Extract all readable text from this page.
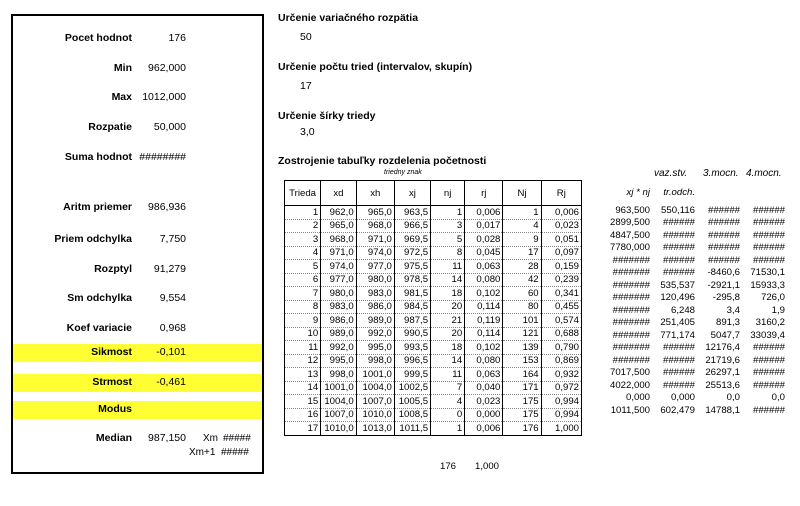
Pocet hodnot	176
Min 962,000
Max 1012,000
Rozpatie 50,000
Suma hodnot ########
Aritm priemer 986,936
Priem odchylka	7,750
Rozptyl 91,279
Sm odchylka	9,554
Koef variacie	0,968
Sikmost -0,101
Strmost -0,461
Modus
Median 987,150 Xm #####
Xm+1 #####
Určenie variačného rozpätia
50
Určenie počtu tried (intervalov, skupín)
17
Určenie šírky triedy
3,0
Zostrojenie tabuľky rozdelenia početnosti
triedny znak
Trieda	xd	xh	xj	nj	rj	Nj	Rj
1	962,0	965,0	963,5	1	0,006	1	0,006
2	965,0	968,0	966,5	3	0,017	4	0,023
3	968,0	971,0	969,5	5	0,028	9	0,051
4	971,0	974,0	972,5	8	0,045	17	0,097
5	974,0	977,0	975,5	11	0,063	28	0,159
6	977,0	980,0	978,5	14	0,080	42	0,239
7	980,0	983,0	981,5	18	0,102	60	0,341
8	983,0	986,0	984,5	20	0,114	80	0,455
9	986,0	989,0	987,5	21	0,119	101	0,574
10	989,0	992,0	990,5	20	0,114	121	0,688
11	992,0	995,0	993,5	18	0,102	139	0,790
12	995,0	998,0	996,5	14	0,080	153	0,869
13	998,0	1001,0	999,5	11	0,063	164	0,932
14	1001,0	1004,0	1002,5	7	0,040	171	0,972
15	1004,0	1007,0	1005,5	4	0,023	175	0,994
16	1007,0	1010,0	1008,5	0	0,000	175	0,994
17	1010,0	1013,0	1011,5	1	0,006	176	1,000
176 1,000
vaz.stv. 3.mocn. 4.mocn.
xj * nj	tr.odch.		
963,500	550,116	######	######
2899,500	######	######	######
4847,500	######	######	######
7780,000	######	######	######
#######	######	######	######
#######	######	-8460,6	71530,1
#######	535,537	-2921,1	15933,3
#######	120,496	-295,8	726,0
#######	6,248	3,4	1,9
#######	251,405	891,3	3160,2
#######	771,174	5047,7	33039,4
#######	######	12176,4	######
#######	######	21719,6	######
7017,500	######	26297,1	######
4022,000	######	25513,6	######
0,000	0,000	0,0	0,0
1011,500	602,479	14788,1	######
